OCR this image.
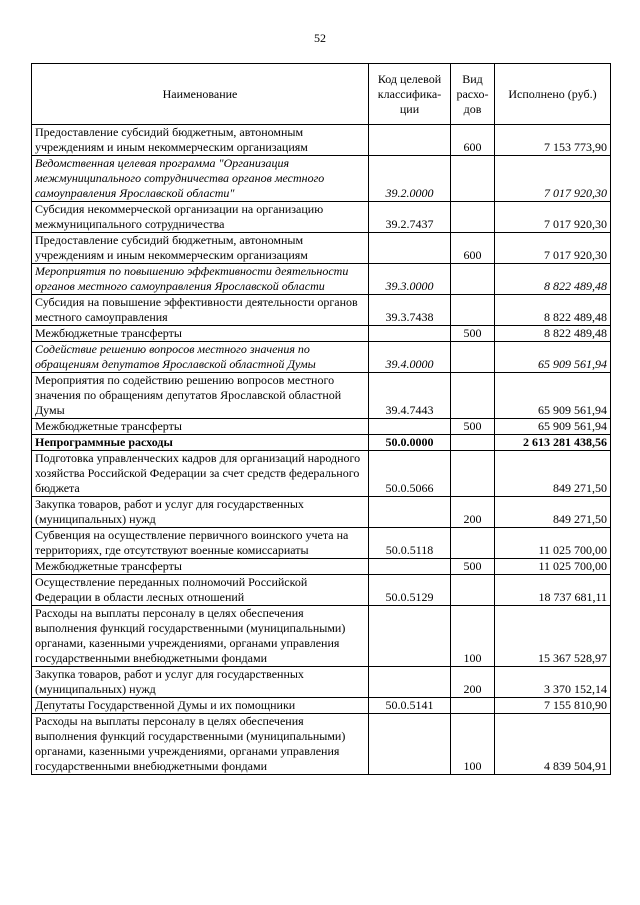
52
Наименование	Код целевой классифика-ции	Вид расхо-дов	Исполнено (руб.)
Предоставление субсидий бюджетным, автономным учреждениям и иным некоммерческим организациям		600	7 153 773,90
Ведомственная целевая программа "Организация межмуниципального сотрудничества органов местного самоуправления Ярославской области"	39.2.0000		7 017 920,30
Субсидия некоммерческой организации на организацию межмуниципального сотрудничества	39.2.7437		7 017 920,30
Предоставление субсидий бюджетным, автономным учреждениям и иным некоммерческим организациям		600	7 017 920,30
Мероприятия по повышению эффективности деятельности органов местного самоуправления Ярославской области	39.3.0000		8 822 489,48
Субсидия на повышение эффективности деятельности органов местного самоуправления	39.3.7438		8 822 489,48
Межбюджетные трансферты		500	8 822 489,48
Содействие решению вопросов местного значения по обращениям депутатов Ярославской областной Думы	39.4.0000		65 909 561,94
Мероприятия по содействию решению вопросов местного значения по обращениям депутатов Ярославской областной Думы	39.4.7443		65 909 561,94
Межбюджетные трансферты		500	65 909 561,94
Непрограммные расходы	50.0.0000		2 613 281 438,56
Подготовка управленческих кадров для организаций народного хозяйства Российской Федерации за счет средств федерального бюджета	50.0.5066		849 271,50
Закупка товаров, работ и услуг для государственных (муниципальных) нужд		200	849 271,50
Субвенция на осуществление первичного воинского учета на территориях, где отсутствуют военные комиссариаты	50.0.5118		11 025 700,00
Межбюджетные трансферты		500	11 025 700,00
Осуществление переданных полномочий Российской Федерации в области лесных отношений	50.0.5129		18 737 681,11
Расходы на выплаты персоналу в целях обеспечения выполнения функций государственными (муниципальными) органами, казенными учреждениями, органами управления государственными внебюджетными фондами		100	15 367 528,97
Закупка товаров, работ и услуг для государственных (муниципальных) нужд		200	3 370 152,14
Депутаты Государственной Думы и их помощники	50.0.5141		7 155 810,90
Расходы на выплаты персоналу в целях обеспечения выполнения функций государственными (муниципальными) органами, казенными учреждениями, органами управления государственными внебюджетными фондами		100	4 839 504,91
